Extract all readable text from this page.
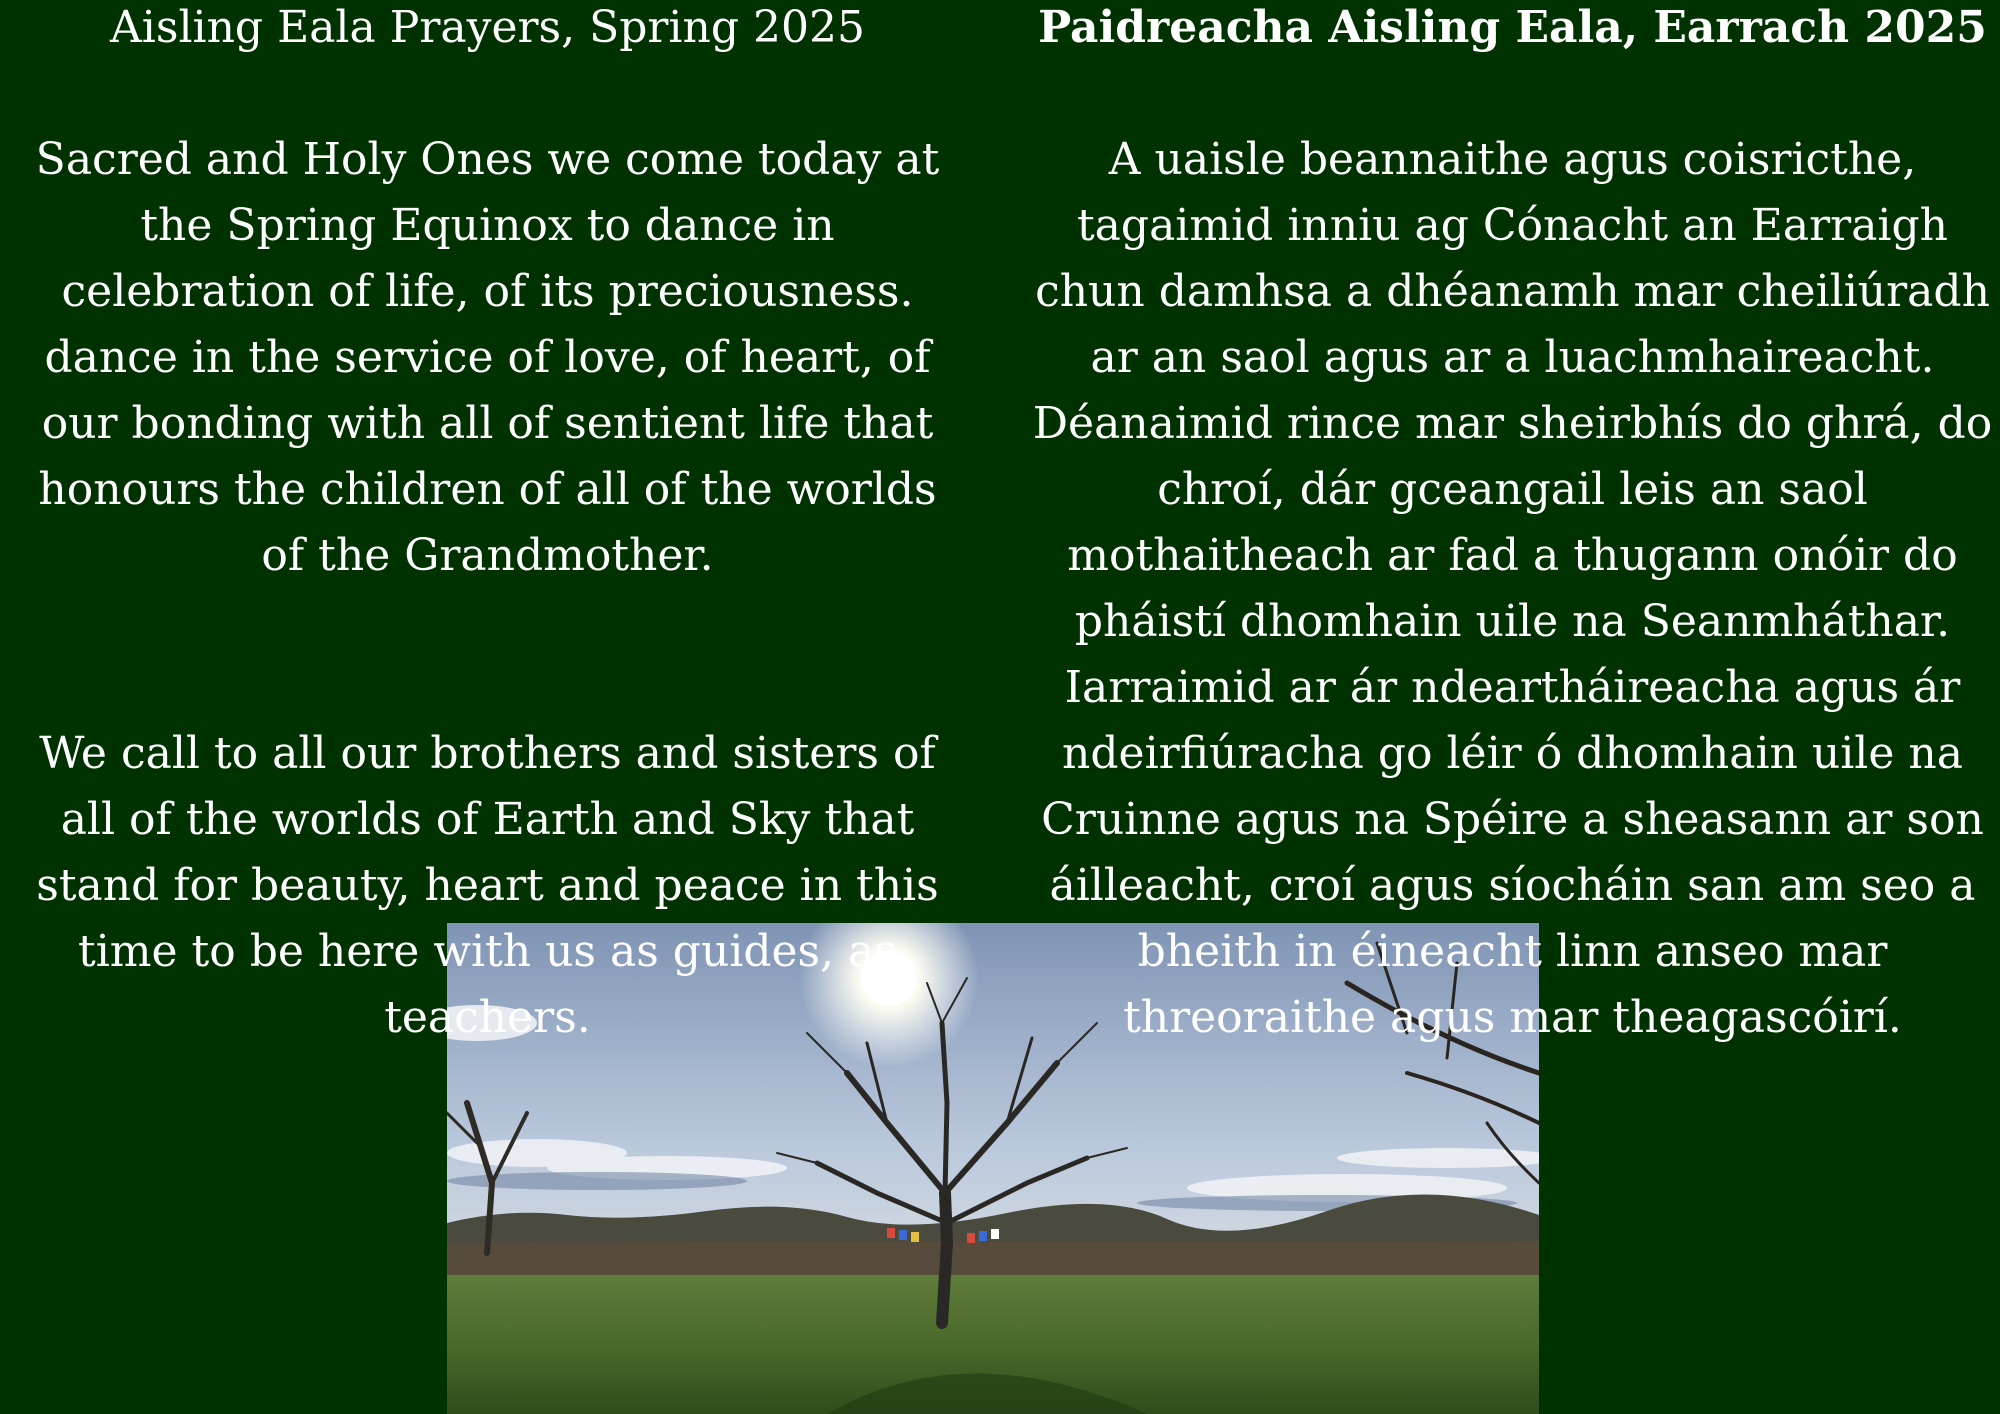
Aisling Eala Prayers, Spring 2025

Sacred and Holy Ones we come today at the Spring Equinox to dance in celebration of life, of its preciousness. dance in the service of love, of heart, of our bonding with all of sentient life that honours the children of all of the worlds of the Grandmother.

We call to all our brothers and sisters of all of the worlds of Earth and Sky that stand for beauty, heart and peace in this time to be here with us as guides, as teachers.

Paidreacha Aisling Eala, Earrach 2025

A uaisle beannaithe agus coisricthe, tagaimid inniu ag Cónacht an Earraigh chun damhsa a dhéanamh mar cheiliúradh ar an saol agus ar a luachmhaireacht. Déanaimid rince mar sheirbhís do ghrá, do chroí, dár gceangail leis an saol mothaitheach ar fad a thugann onóir do pháistí dhomhain uile na Seanmháthar.

Iarraimid ar ár ndeartháireacha agus ár ndeirfiúracha go léir ó dhomhain uile na Cruinne agus na Spéire a sheasann ar son áilleacht, croí agus síocháin san am seo a bheith in éineacht linn anseo mar threoraithe agus mar theagascóirí.
